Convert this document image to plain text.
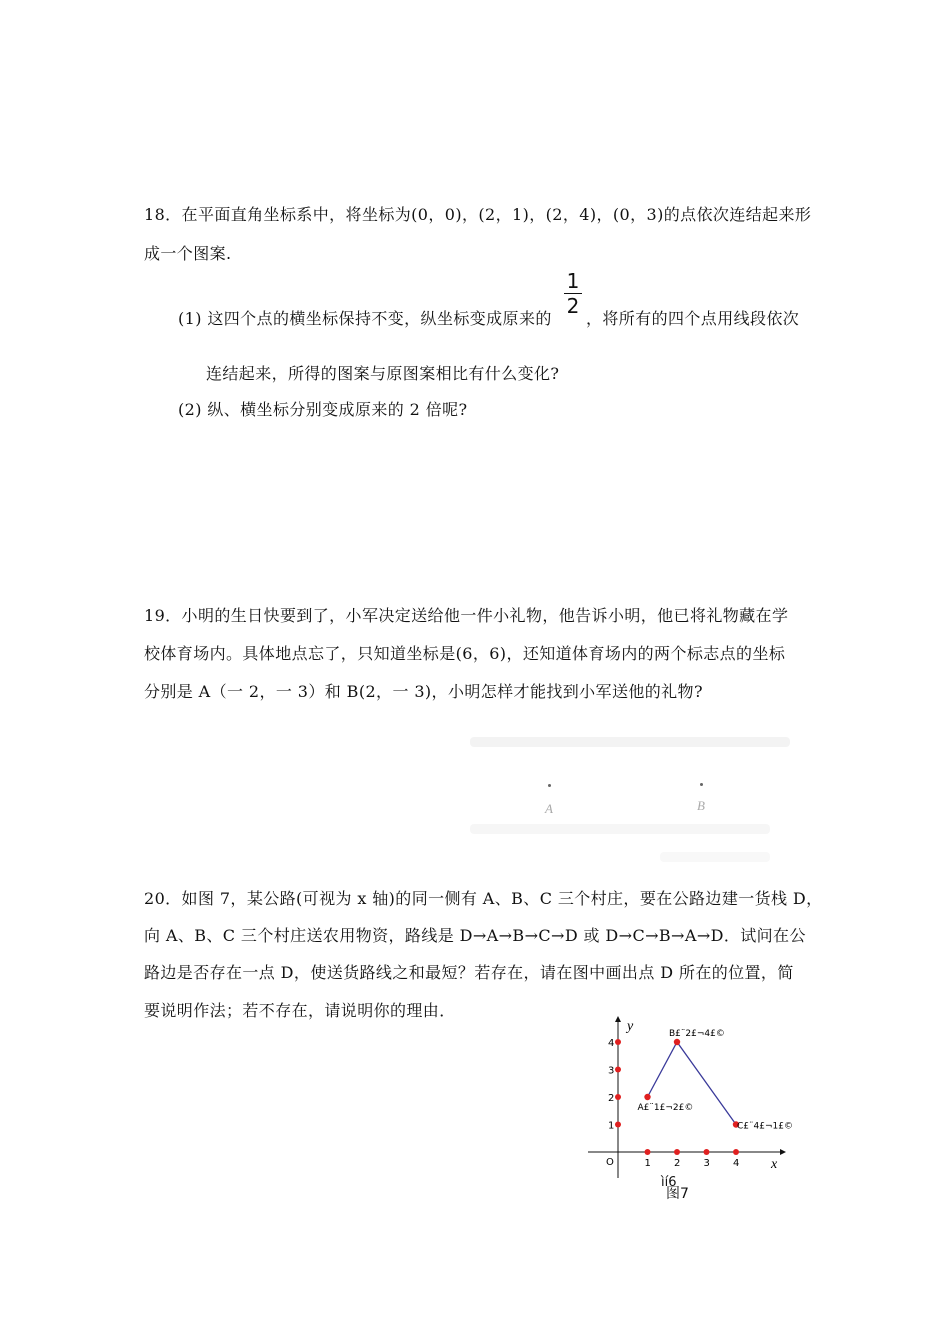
18．在平面直角坐标系中，将坐标为(0，0)，(2，1)，(2，4)，(0，3)的点依次连结起来形
成一个图案.
(1) 这四个点的横坐标保持不变，纵坐标变成原来的
1
2
，将所有的四个点用线段依次
连结起来，所得的图案与原图案相比有什么变化?
(2) 纵、横坐标分别变成原来的 2 倍呢?
19．小明的生日快要到了，小军决定送给他一件小礼物，他告诉小明，他已将礼物藏在学
校体育场内。具体地点忘了，只知道坐标是(6，6)，还知道体育场内的两个标志点的坐标
分别是 A（一 2，一 3）和 B(2，一 3)，小明怎样才能找到小军送他的礼物?
A	B
20．如图 7，某公路(可视为 x 轴)的同一侧有 A、B、C 三个村庄，要在公路边建一货栈 D，
向 A、B、C 三个村庄送农用物资，路线是 D→A→B→C→D 或 D→C→B→A→D．试问在公
路边是否存在一点 D，使送货路线之和最短？若存在，请在图中画出点 D 所在的位置，简
要说明作法；若不存在，请说明你的理由．
y
x
O	1 2 3 4
1
2
3
4
A£¨1£¬2£©
B£¨2£¬4£©
C£¨4£¬1£©
ìí6
图7
